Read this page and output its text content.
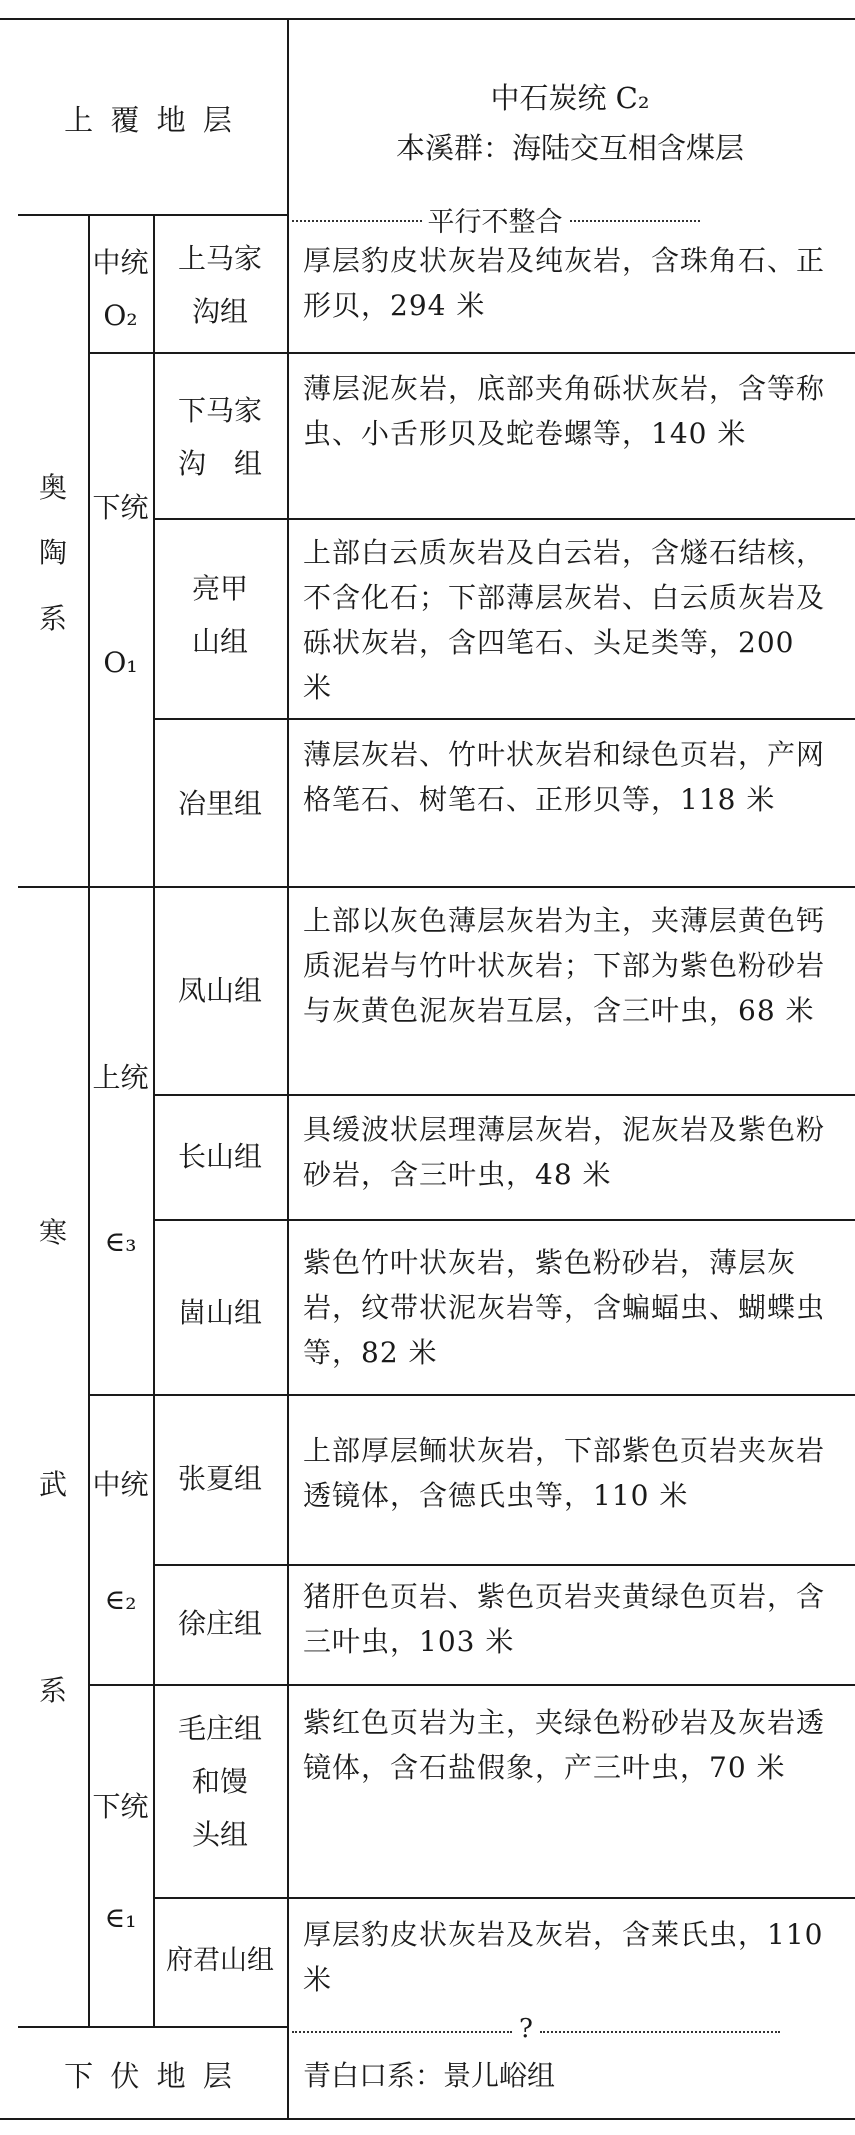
上 覆 地 层
中石炭统 C₂
本溪群：海陆交互相含煤层
平行不整合
奥
陶
系
中统
O₂
下统
O₁
上马家
沟组
厚层豹皮状灰岩及纯灰岩，含珠角石、正形贝，294 米
下马家
沟　组
薄层泥灰岩，底部夹角砾状灰岩，含等称虫、小舌形贝及蛇卷螺等，140 米
亮甲
山组
上部白云质灰岩及白云岩，含燧石结核，不含化石；下部薄层灰岩、白云质灰岩及砾状灰岩，含四笔石、头足类等，200 米
冶里组
薄层灰岩、竹叶状灰岩和绿色页岩，产网格笔石、树笔石、正形贝等，118 米
寒
武
系
上统
∈₃
中统
∈₂
下统
∈₁
凤山组
上部以灰色薄层灰岩为主，夹薄层黄色钙质泥岩与竹叶状灰岩；下部为紫色粉砂岩与灰黄色泥灰岩互层，含三叶虫，68 米
长山组
具缓波状层理薄层灰岩，泥灰岩及紫色粉砂岩，含三叶虫，48 米
崮山组
紫色竹叶状灰岩，紫色粉砂岩，薄层灰岩，纹带状泥灰岩等，含蝙蝠虫、蝴蝶虫等，82 米
张夏组
上部厚层鲕状灰岩，下部紫色页岩夹灰岩透镜体，含德氏虫等，110 米
徐庄组
猪肝色页岩、紫色页岩夹黄绿色页岩，含三叶虫，103 米
毛庄组
和馒
头组
紫红色页岩为主，夹绿色粉砂岩及灰岩透镜体，含石盐假象，产三叶虫，70 米
府君山组
厚层豹皮状灰岩及灰岩，含莱氏虫，110 米
?
下 伏 地 层	青白口系：景儿峪组
